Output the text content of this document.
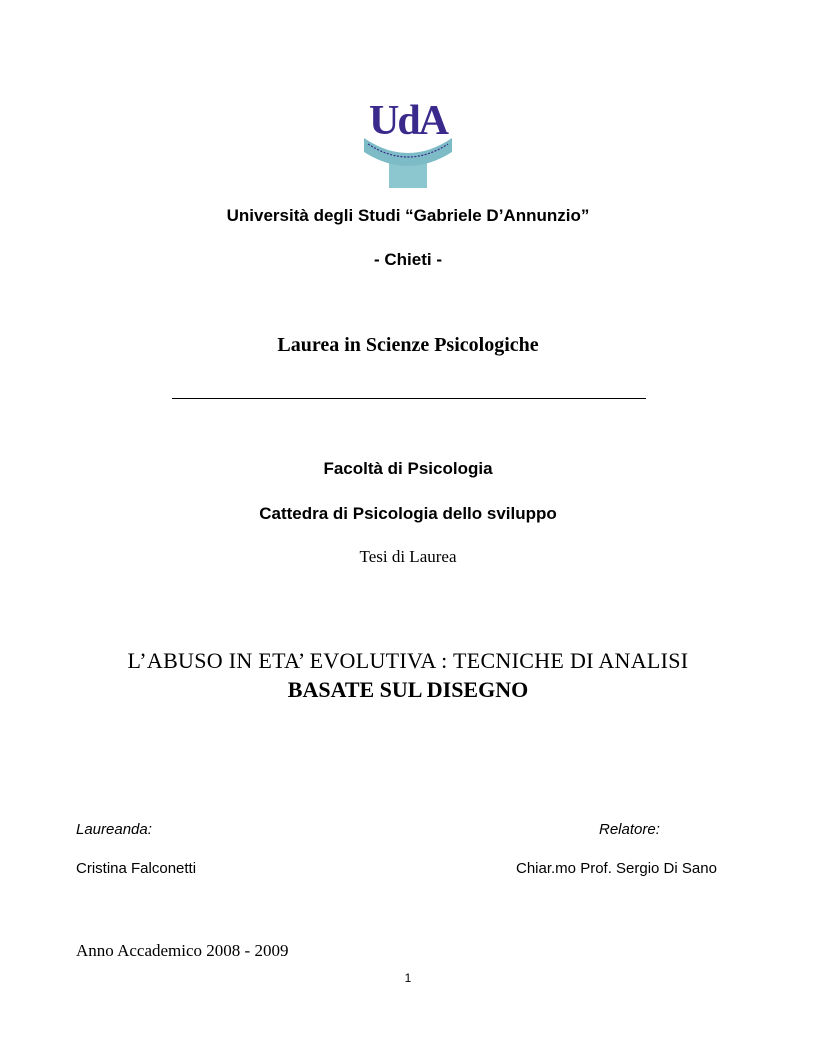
UdA
Università degli Studi “Gabriele D’Annunzio”
- Chieti -
Laurea in Scienze Psicologiche
Facoltà di Psicologia
Cattedra di Psicologia dello sviluppo
Tesi di Laurea
L’ABUSO IN ETA’ EVOLUTIVA : TECNICHE DI ANALISI
BASATE SUL DISEGNO
Laureanda:	Relatore:
Cristina Falconetti	Chiar.mo Prof. Sergio Di Sano
Anno Accademico 2008 - 2009
1
